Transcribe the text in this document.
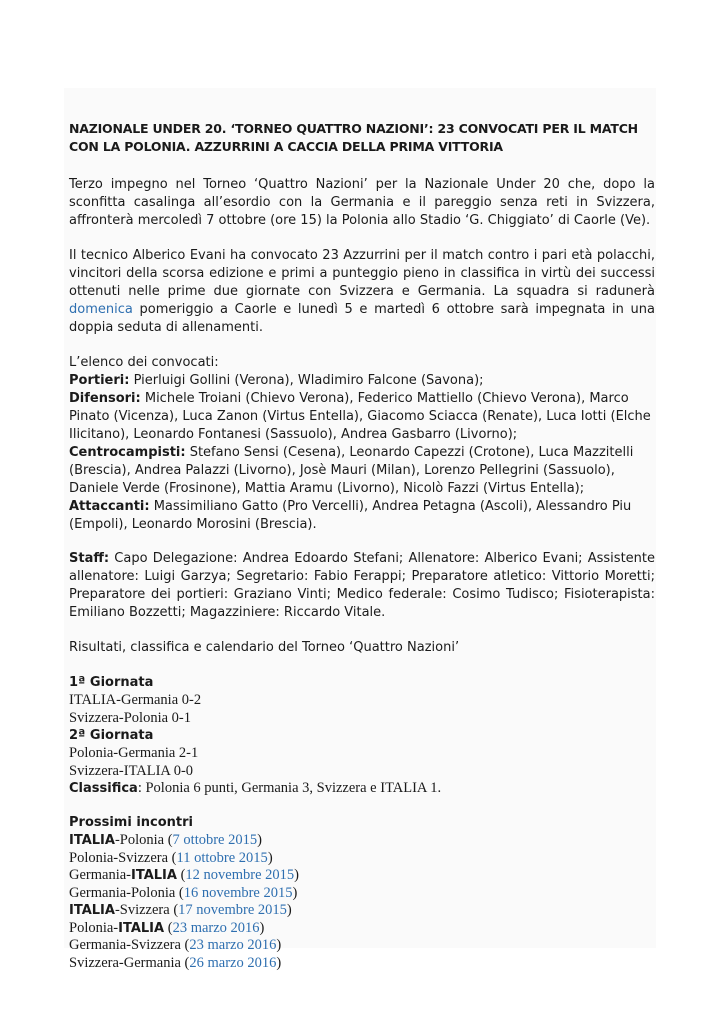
NAZIONALE UNDER 20. ‘TORNEO QUATTRO NAZIONI’: 23 CONVOCATI PER IL MATCH CON LA POLONIA. AZZURRINI A CACCIA DELLA PRIMA VITTORIA

Terzo impegno nel Torneo ‘Quattro Nazioni’ per la Nazionale Under 20 che, dopo la sconfitta casalinga all’esordio con la Germania e il pareggio senza reti in Svizzera, affronterà mercoledì 7 ottobre (ore 15) la Polonia allo Stadio ‘G. Chiggiato’ di Caorle (Ve).

Il tecnico Alberico Evani ha convocato 23 Azzurrini per il match contro i pari età polacchi, vincitori della scorsa edizione e primi a punteggio pieno in classifica in virtù dei successi ottenuti nelle prime due giornate con Svizzera e Germania. La squadra si radunerà domenica pomeriggio a Caorle e lunedì 5 e martedì 6 ottobre sarà impegnata in una doppia seduta di allenamenti.

L’elenco dei convocati:

Portieri: Pierluigi Gollini (Verona), Wladimiro Falcone (Savona);

Difensori: Michele Troiani (Chievo Verona), Federico Mattiello (Chievo Verona), Marco Pinato (Vicenza), Luca Zanon (Virtus Entella), Giacomo Sciacca (Renate), Luca Iotti (Elche Ilicitano), Leonardo Fontanesi (Sassuolo), Andrea Gasbarro (Livorno);

Centrocampisti: Stefano Sensi (Cesena), Leonardo Capezzi (Crotone), Luca Mazzitelli (Brescia), Andrea Palazzi (Livorno), Josè Mauri (Milan), Lorenzo Pellegrini (Sassuolo), Daniele Verde (Frosinone), Mattia Aramu (Livorno), Nicolò Fazzi (Virtus Entella);

Attaccanti: Massimiliano Gatto (Pro Vercelli), Andrea Petagna (Ascoli), Alessandro Piu (Empoli), Leonardo Morosini (Brescia).

Staff: Capo Delegazione: Andrea Edoardo Stefani; Allenatore: Alberico Evani; Assistente allenatore: Luigi Garzya; Segretario: Fabio Ferappi; Preparatore atletico: Vittorio Moretti; Preparatore dei portieri: Graziano Vinti; Medico federale: Cosimo Tudisco; Fisioterapista: Emiliano Bozzetti; Magazziniere: Riccardo Vitale.

Risultati, classifica e calendario del Torneo ‘Quattro Nazioni’

1ª Giornata

ITALIA-Germania 0-2

Svizzera-Polonia 0-1

2ª Giornata

Polonia-Germania 2-1

Svizzera-ITALIA 0-0

Classifica: Polonia 6 punti, Germania 3, Svizzera e ITALIA 1.

Prossimi incontri

ITALIA-Polonia (7 ottobre 2015)

Polonia-Svizzera (11 ottobre 2015)

Germania-ITALIA (12 novembre 2015)

Germania-Polonia (16 novembre 2015)

ITALIA-Svizzera (17 novembre 2015)

Polonia-ITALIA (23 marzo 2016)

Germania-Svizzera (23 marzo 2016)

Svizzera-Germania (26 marzo 2016)
